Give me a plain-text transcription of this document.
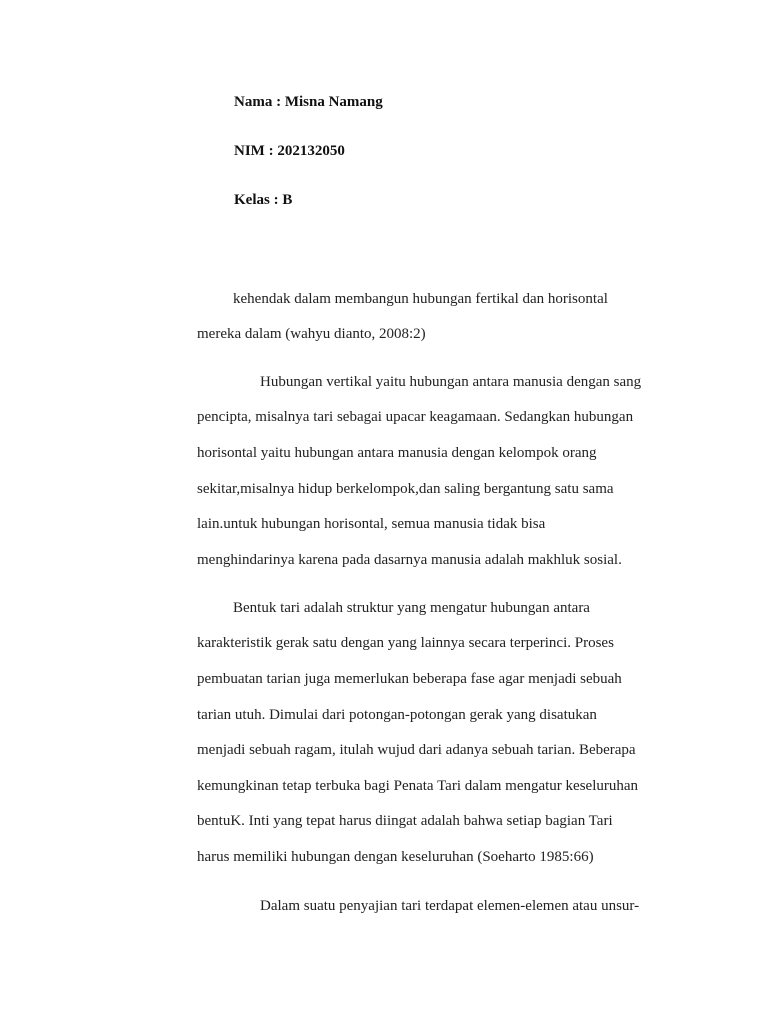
Nama : Misna Namang
NIM : 202132050
Kelas : B
kehendak dalam membangun hubungan fertikal dan horisontal
mereka dalam (wahyu dianto, 2008:2)
Hubungan vertikal yaitu hubungan antara manusia dengan sang
pencipta, misalnya tari sebagai upacar keagamaan. Sedangkan hubungan
horisontal yaitu hubungan antara manusia dengan kelompok orang
sekitar,misalnya hidup berkelompok,dan saling bergantung satu sama
lain.untuk hubungan horisontal, semua manusia tidak bisa
menghindarinya karena pada dasarnya manusia adalah makhluk sosial.
Bentuk tari adalah struktur yang mengatur hubungan antara
karakteristik gerak satu dengan yang lainnya secara terperinci. Proses
pembuatan tarian juga memerlukan beberapa fase agar menjadi sebuah
tarian utuh. Dimulai dari potongan-potongan gerak yang disatukan
menjadi sebuah ragam, itulah wujud dari adanya sebuah tarian. Beberapa
kemungkinan tetap terbuka bagi Penata Tari dalam mengatur keseluruhan
bentuK. Inti yang tepat harus diingat adalah bahwa setiap bagian Tari
harus memiliki hubungan dengan keseluruhan (Soeharto 1985:66)
Dalam suatu penyajian tari terdapat elemen-elemen atau unsur-
